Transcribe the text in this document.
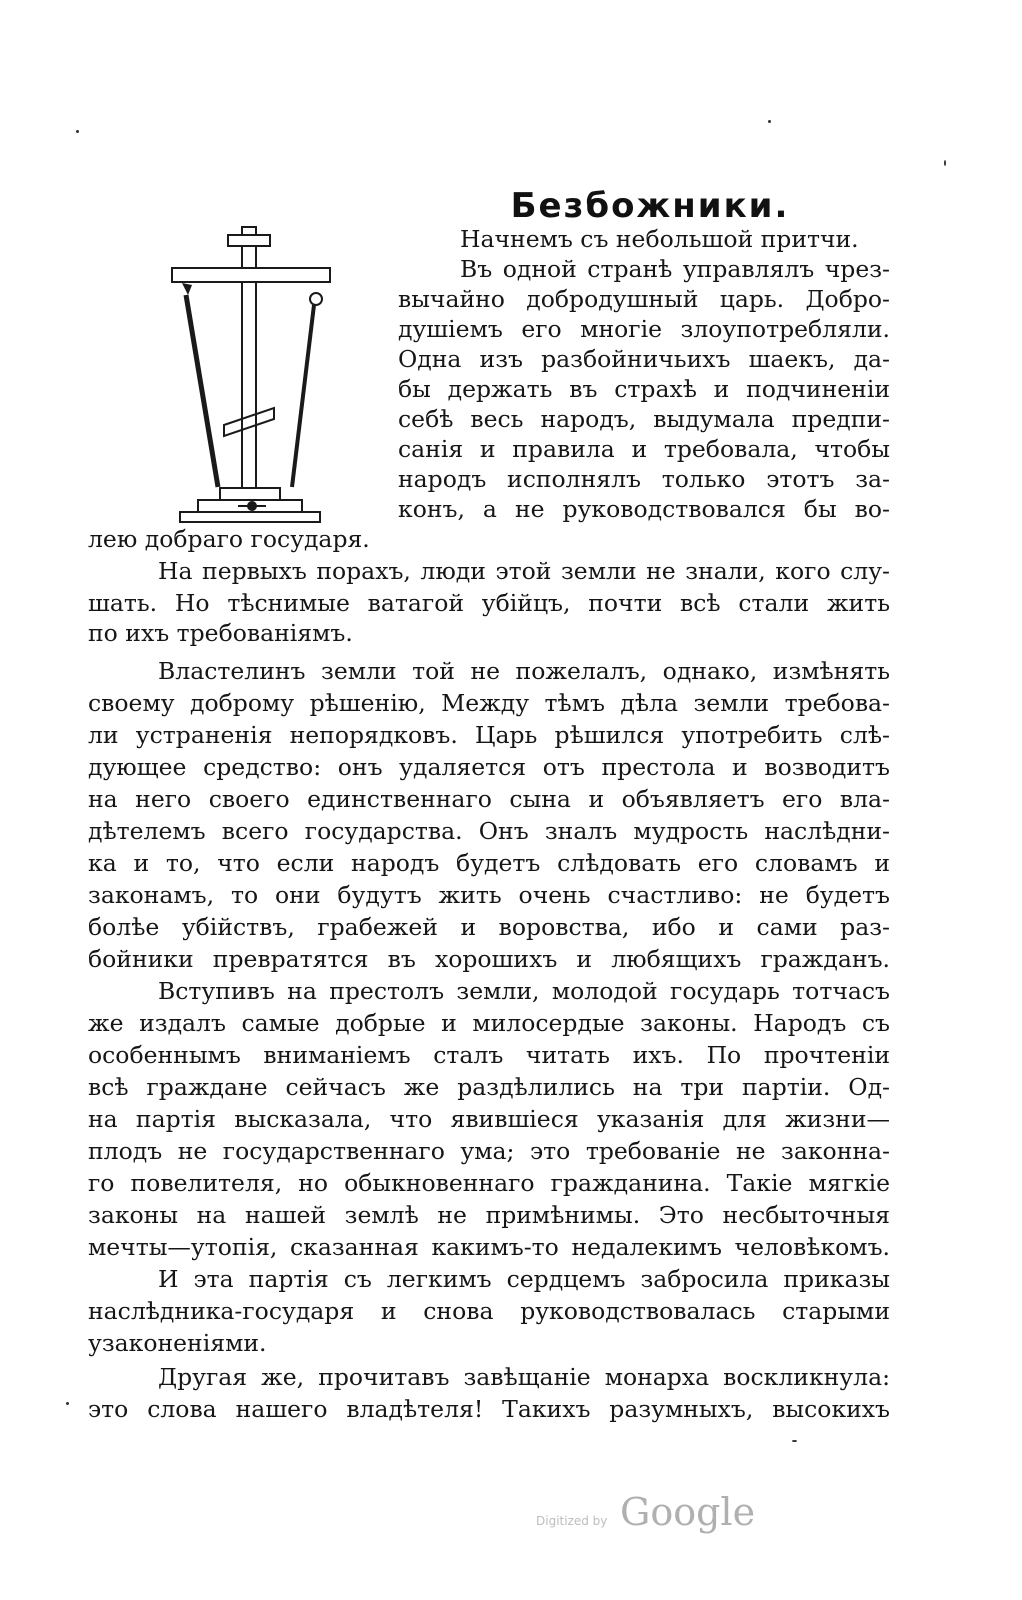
Безбожники.
Начнемъ съ небольшой притчи.
Въ одной странѣ управлялъ чрез-
вычайно добродушный царь. Добро-
душіемъ его многіе злоупотребляли.
Одна изъ разбойничьихъ шаекъ, да-
бы держать въ страхѣ и подчиненіи
себѣ весь народъ, выдумала предпи-
санія и правила и требовала, чтобы
народъ исполнялъ только этотъ за-
конъ, а не руководствовался бы во-
лею добраго государя.
На первыхъ порахъ, люди этой земли не знали, кого слу-
шать. Но тѣснимые ватагой убійцъ, почти всѣ стали жить
по ихъ требованіямъ.
Властелинъ земли той не пожелалъ, однако, измѣнять
своему доброму рѣшенію, Между тѣмъ дѣла земли требова-
ли устраненія непорядковъ. Царь рѣшился употребить слѣ-
дующее средство: онъ удаляется отъ престола и возводитъ
на него своего единственнаго сына и объявляетъ его вла-
дѣтелемъ всего государства. Онъ зналъ мудрость наслѣдни-
ка и то, что если народъ будетъ слѣдовать его словамъ и
законамъ, то они будутъ жить очень счастливо: не будетъ
болѣе убійствъ, грабежей и воровства, ибо и сами раз-
бойники превратятся въ хорошихъ и любящихъ гражданъ.
Вступивъ на престолъ земли, молодой государь тотчасъ
же издалъ самые добрые и милосердые законы. Народъ съ
особеннымъ вниманіемъ сталъ читать ихъ. По прочтеніи
всѣ граждане сейчасъ же раздѣлились на три партіи. Од-
на партія высказала, что явившіеся указанія для жизни—
плодъ не государственнаго ума; это требованіе не законна-
го повелителя, но обыкновеннаго гражданина. Такіе мягкіе
законы на нашей землѣ не примѣнимы. Это несбыточныя
мечты—утопія, сказанная какимъ-то недалекимъ человѣкомъ.
И эта партія съ легкимъ сердцемъ забросила приказы
наслѣдника-государя и снова руководствовалась старыми
узаконеніями.
Другая же, прочитавъ завѣщаніе монарха воскликнула:
это слова нашего владѣтеля! Такихъ разумныхъ, высокихъ
Digitized by Google
